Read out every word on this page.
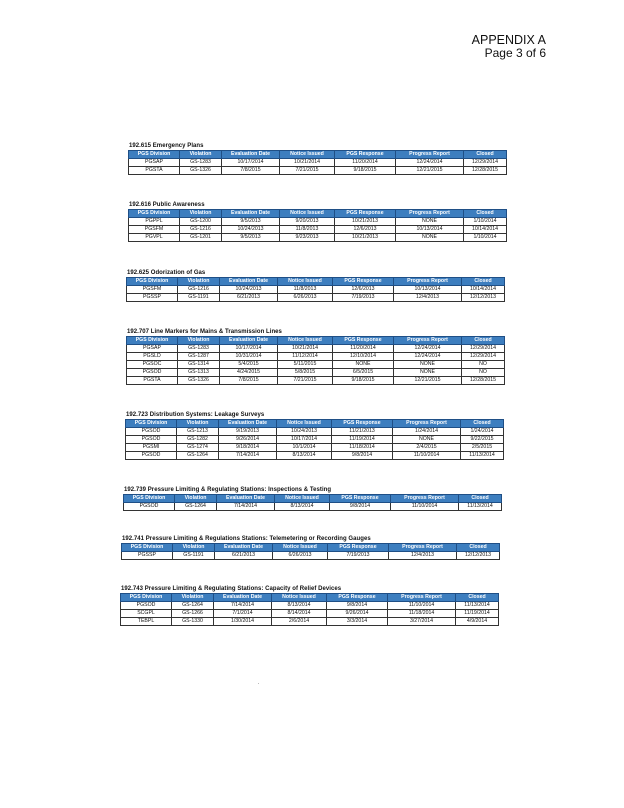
APPENDIX A
Page 3 of 6
192.615 Emergency Plans
PGS Division	Violation	Evaluation Date	Notice Issued	PGS Response	Progress Report	Closed
PGSAP	GS-1283	10/17/2014	10/21/2014	11/20/2014	12/24/2014	12/29/2014
PGSTA	GS-1326	7/8/2015	7/21/2015	9/18/2015	12/21/2015	12/28/2015
192.616 Public Awareness
PGS Division	Violation	Evaluation Date	Notice Issued	PGS Response	Progress Report	Closed
PGPPL	GS-1200	9/5/2013	9/20/2013	10/21/2013	NONE	1/10/2014
PGSFM	GS-1216	10/24/2013	11/8/2013	12/6/2013	10/13/2014	10/14/2014
PGVPL	GS-1201	9/5/2013	9/23/2013	10/21/2013	NONE	1/10/2014
192.625 Odorization of Gas
PGS Division	Violation	Evaluation Date	Notice Issued	PGS Response	Progress Report	Closed
PGSFM	GS-1216	10/24/2013	11/8/2013	12/6/2013	10/13/2014	10/14/2014
PGSSP	GS-1191	6/21/2013	6/26/2013	7/19/2013	12/4/2013	12/12/2013
192.707 Line Markers for Mains & Transmission Lines
PGS Division	Violation	Evaluation Date	Notice Issued	PGS Response	Progress Report	Closed
PGSAP	GS-1283	10/17/2014	10/21/2014	11/20/2014	12/24/2014	12/29/2014
PGSLD	GS-1287	10/31/2014	11/12/2014	12/10/2014	12/24/2014	12/29/2014
PGSOC	GS-1314	5/4/2015	5/11/2015	NONE	NONE	NO
PGSOD	GS-1313	4/24/2015	5/8/2015	6/5/2015	NONE	NO
PGSTA	GS-1326	7/8/2015	7/21/2015	9/18/2015	12/21/2015	12/28/2015
192.723 Distribution Systems: Leakage Surveys
PGS Division	Violation	Evaluation Date	Notice Issued	PGS Response	Progress Report	Closed
PGSOD	GS-1213	9/19/2013	10/24/2013	11/21/2013	1/24/2014	1/24/2014
PGSOD	GS-1282	9/26/2014	10/17/2014	11/19/2014	NONE	9/22/2015
PGSMI	GS-1274	9/18/2014	10/1/2014	11/18/2014	2/4/2015	2/5/2015
PGSOD	GS-1264	7/14/2014	8/13/2014	9/8/2014	11/10/2014	11/13/2014
192.739 Pressure Limiting & Regulating Stations: Inspections & Testing
PGS Division	Violation	Evaluation Date	Notice Issued	PGS Response	Progress Report	Closed
PGSOD	GS-1264	7/14/2014	8/13/2014	9/8/2014	11/10/2014	11/13/2014
192.741 Pressure Limiting & Regulations Stations: Telemetering or Recording Gauges
PGS Division	Violation	Evaluation Date	Notice Issued	PGS Response	Progress Report	Closed
PGSSP	GS-1191	6/21/2013	6/26/2013	7/19/2013	12/4/2013	12/12/2013
192.743 Pressure Limiting & Regulating Stations: Capacity of Relief Devices
PGS Division	Violation	Evaluation Date	Notice Issued	PGS Response	Progress Report	Closed
PGSOD	GS-1264	7/14/2014	8/13/2014	9/8/2014	11/10/2014	11/13/2014
SCGPL	GS-1266	7/1/2014	8/14/2014	9/26/2014	11/18/2014	11/19/2014
TEBPL	GS-1330	1/30/2014	2/6/2014	3/3/2014	3/27/2014	4/9/2014
